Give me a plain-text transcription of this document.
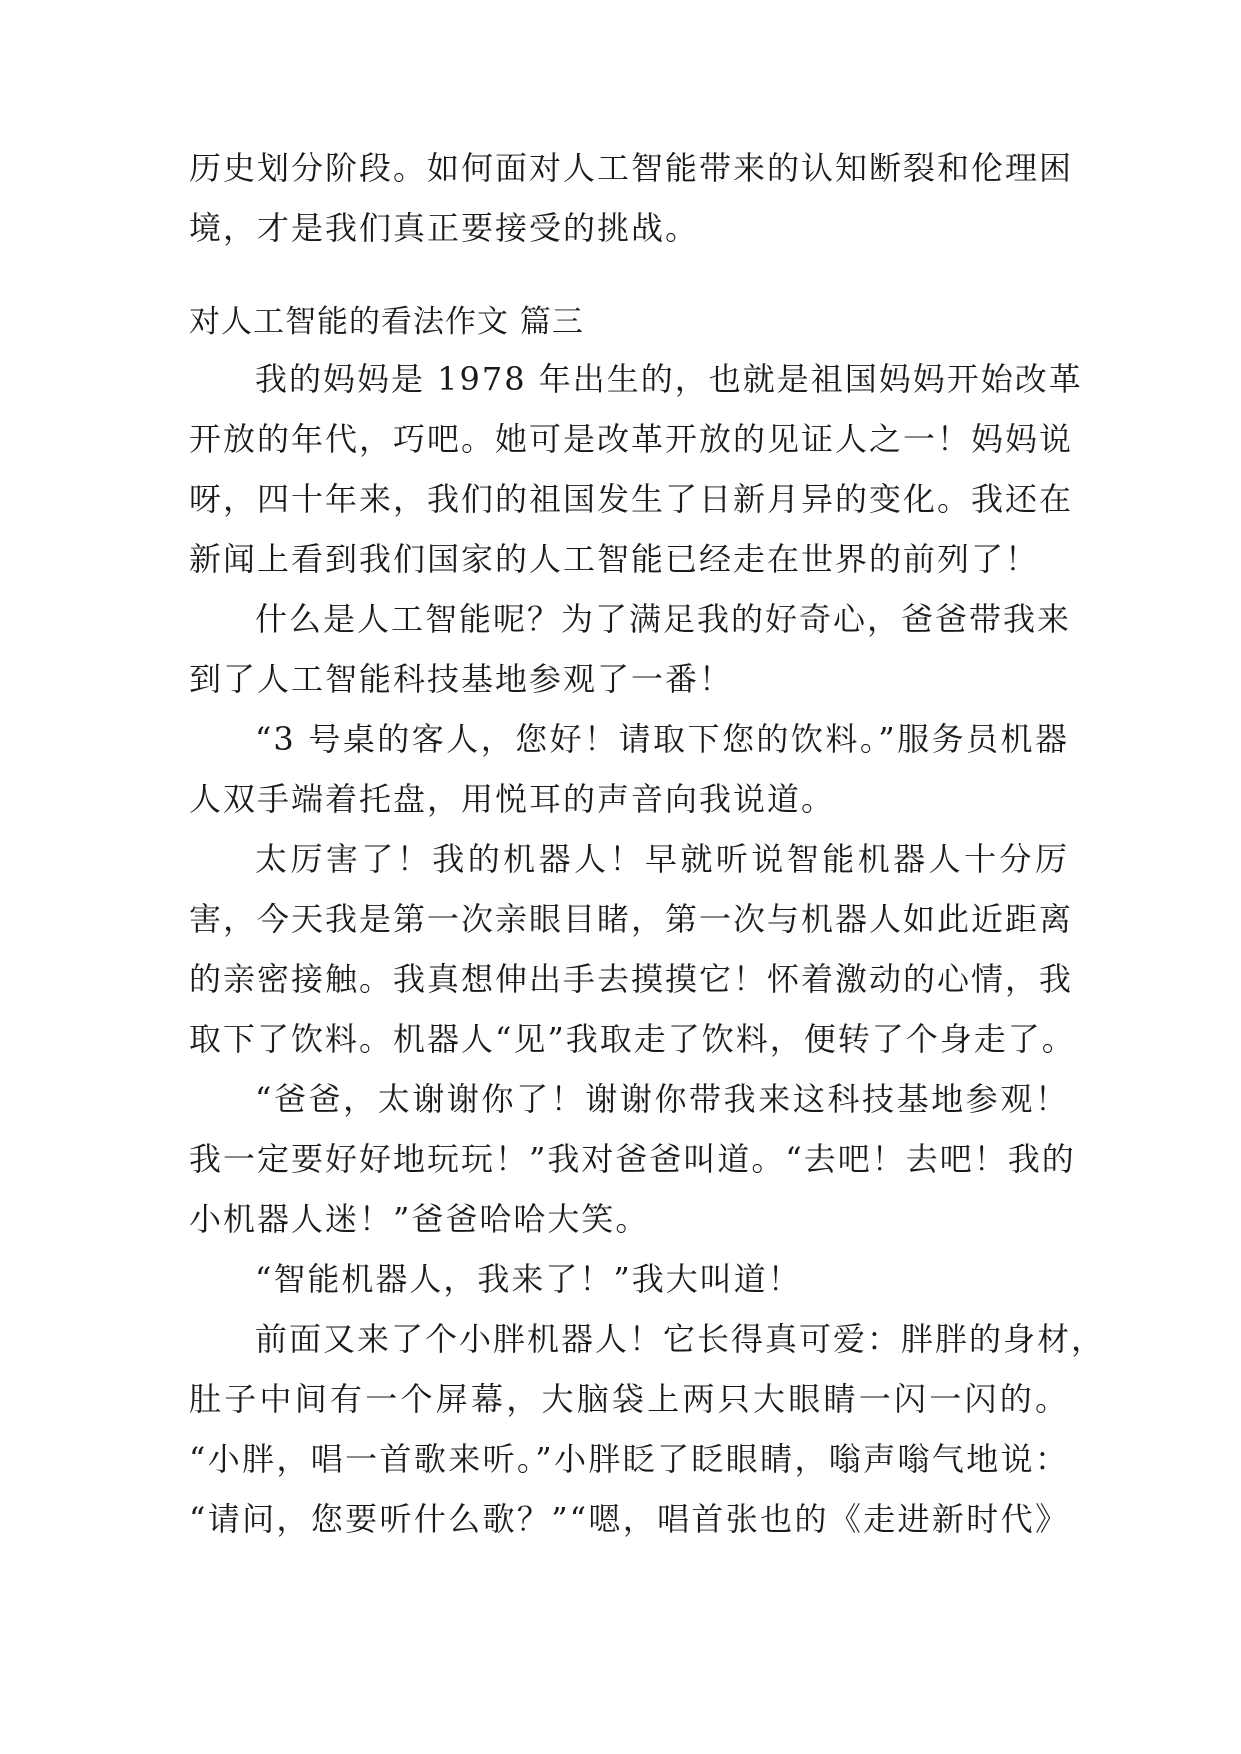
历史划分阶段。如何面对人工智能带来的认知断裂和伦理困
境，才是我们真正要接受的挑战。
对人工智能的看法作文 篇三
我的妈妈是 1978 年出生的，也就是祖国妈妈开始改革
开放的年代，巧吧。她可是改革开放的见证人之一！妈妈说
呀，四十年来，我们的祖国发生了日新月异的变化。我还在
新闻上看到我们国家的人工智能已经走在世界的前列了！
什么是人工智能呢？为了满足我的好奇心，爸爸带我来
到了人工智能科技基地参观了一番！
“3 号桌的客人，您好！请取下您的饮料。”服务员机器
人双手端着托盘，用悦耳的声音向我说道。
太厉害了！我的机器人！早就听说智能机器人十分厉
害，今天我是第一次亲眼目睹，第一次与机器人如此近距离
的亲密接触。我真想伸出手去摸摸它！怀着激动的心情，我
取下了饮料。机器人“见”我取走了饮料，便转了个身走了。
“爸爸，太谢谢你了！谢谢你带我来这科技基地参观！
我一定要好好地玩玩！”我对爸爸叫道。“去吧！去吧！我的
小机器人迷！”爸爸哈哈大笑。
“智能机器人，我来了！”我大叫道！
前面又来了个小胖机器人！它长得真可爱：胖胖的身材，
肚子中间有一个屏幕，大脑袋上两只大眼睛一闪一闪的。
“小胖，唱一首歌来听。”小胖眨了眨眼睛，嗡声嗡气地说：
“请问，您要听什么歌？”“嗯，唱首张也的《走进新时代》
